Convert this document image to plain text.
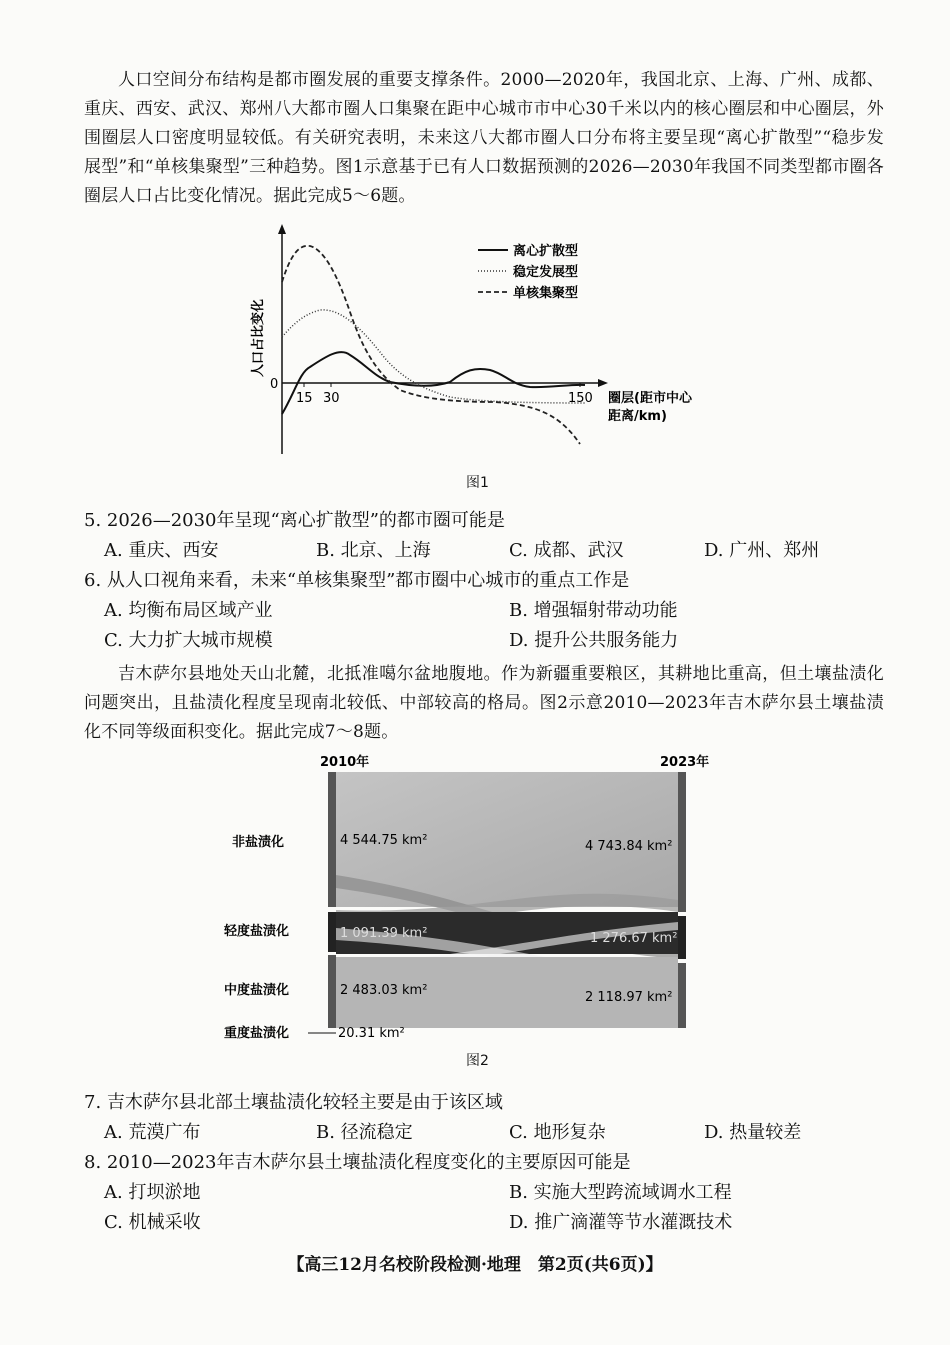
人口空间分布结构是都市圈发展的重要支撑条件。2000—2020年，我国北京、上海、广州、成都、重庆、西安、武汉、郑州八大都市圈人口集聚在距中心城市市中心30千米以内的核心圈层和中心圈层，外围圈层人口密度明显较低。有关研究表明，未来这八大都市圈人口分布将主要呈现“离心扩散型”“稳步发展型”和“单核集聚型”三种趋势。图1示意基于已有人口数据预测的2026—2030年我国不同类型都市圈各圈层人口占比变化情况。据此完成5～6题。

人口占比变化
0
15 30	150 圈层(距市中心
距离/km)
离心扩散型
稳定发展型
单核集聚型
图1
5. 2026—2030年呈现“离心扩散型”的都市圈可能是
A. 重庆、西安	B. 北京、上海	C. 成都、武汉	D. 广州、郑州
6. 从人口视角来看，未来“单核集聚型”都市圈中心城市的重点工作是
A. 均衡布局区域产业	B. 增强辐射带动功能
C. 大力扩大城市规模	D. 提升公共服务能力

吉木萨尔县地处天山北麓，北抵准噶尔盆地腹地。作为新疆重要粮区，其耕地比重高，但土壤盐渍化问题突出，且盐渍化程度呈现南北较低、中部较高的格局。图2示意2010—2023年吉木萨尔县土壤盐渍化不同等级面积变化。据此完成7～8题。

2010年	2023年
非盐渍化
轻度盐渍化
中度盐渍化
重度盐渍化
4 544.75 km²
1 091.39 km²
2 483.03 km²
20.31 km²
4 743.84 km²
1 276.67 km²
2 118.97 km²
图2
7. 吉木萨尔县北部土壤盐渍化较轻主要是由于该区域
A. 荒漠广布	B. 径流稳定	C. 地形复杂	D. 热量较差
8. 2010—2023年吉木萨尔县土壤盐渍化程度变化的主要原因可能是
A. 打坝淤地	B. 实施大型跨流域调水工程
C. 机械采收	D. 推广滴灌等节水灌溉技术
【高三12月名校阶段检测·地理　第2页(共6页)】
